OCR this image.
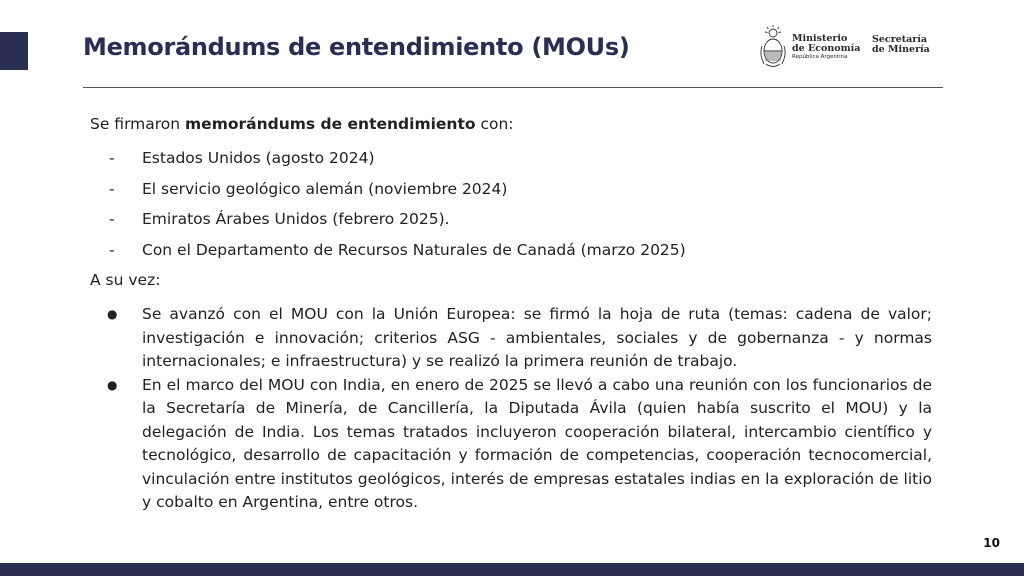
Memorándums de entendimiento (MOUs)	Ministerio
de Economía
República Argentina
Secretaría
de Minería

Se firmaron memorándums de entendimiento con:

- Estados Unidos (agosto 2024)
- El servicio geológico alemán (noviembre 2024)
- Emiratos Árabes Unidos (febrero 2025).
- Con el Departamento de Recursos Naturales de Canadá (marzo 2025)

A su vez:

● Se avanzó con el MOU con la Unión Europea: se firmó la hoja de ruta (temas: cadena de valor; investigación e innovación; criterios ASG - ambientales, sociales y de gobernanza - y normas internacionales; e infraestructura) y se realizó la primera reunión de trabajo.
● En el marco del MOU con India, en enero de 2025 se llevó a cabo una reunión con los funcionarios de la Secretaría de Minería, de Cancillería, la Diputada Ávila (quien había suscrito el MOU) y la delegación de India. Los temas tratados incluyeron cooperación bilateral, intercambio científico y tecnológico, desarrollo de capacitación y formación de competencias, cooperación tecnocomercial, vinculación entre institutos geológicos, interés de empresas estatales indias en la exploración de litio y cobalto en Argentina, entre otros.
10
